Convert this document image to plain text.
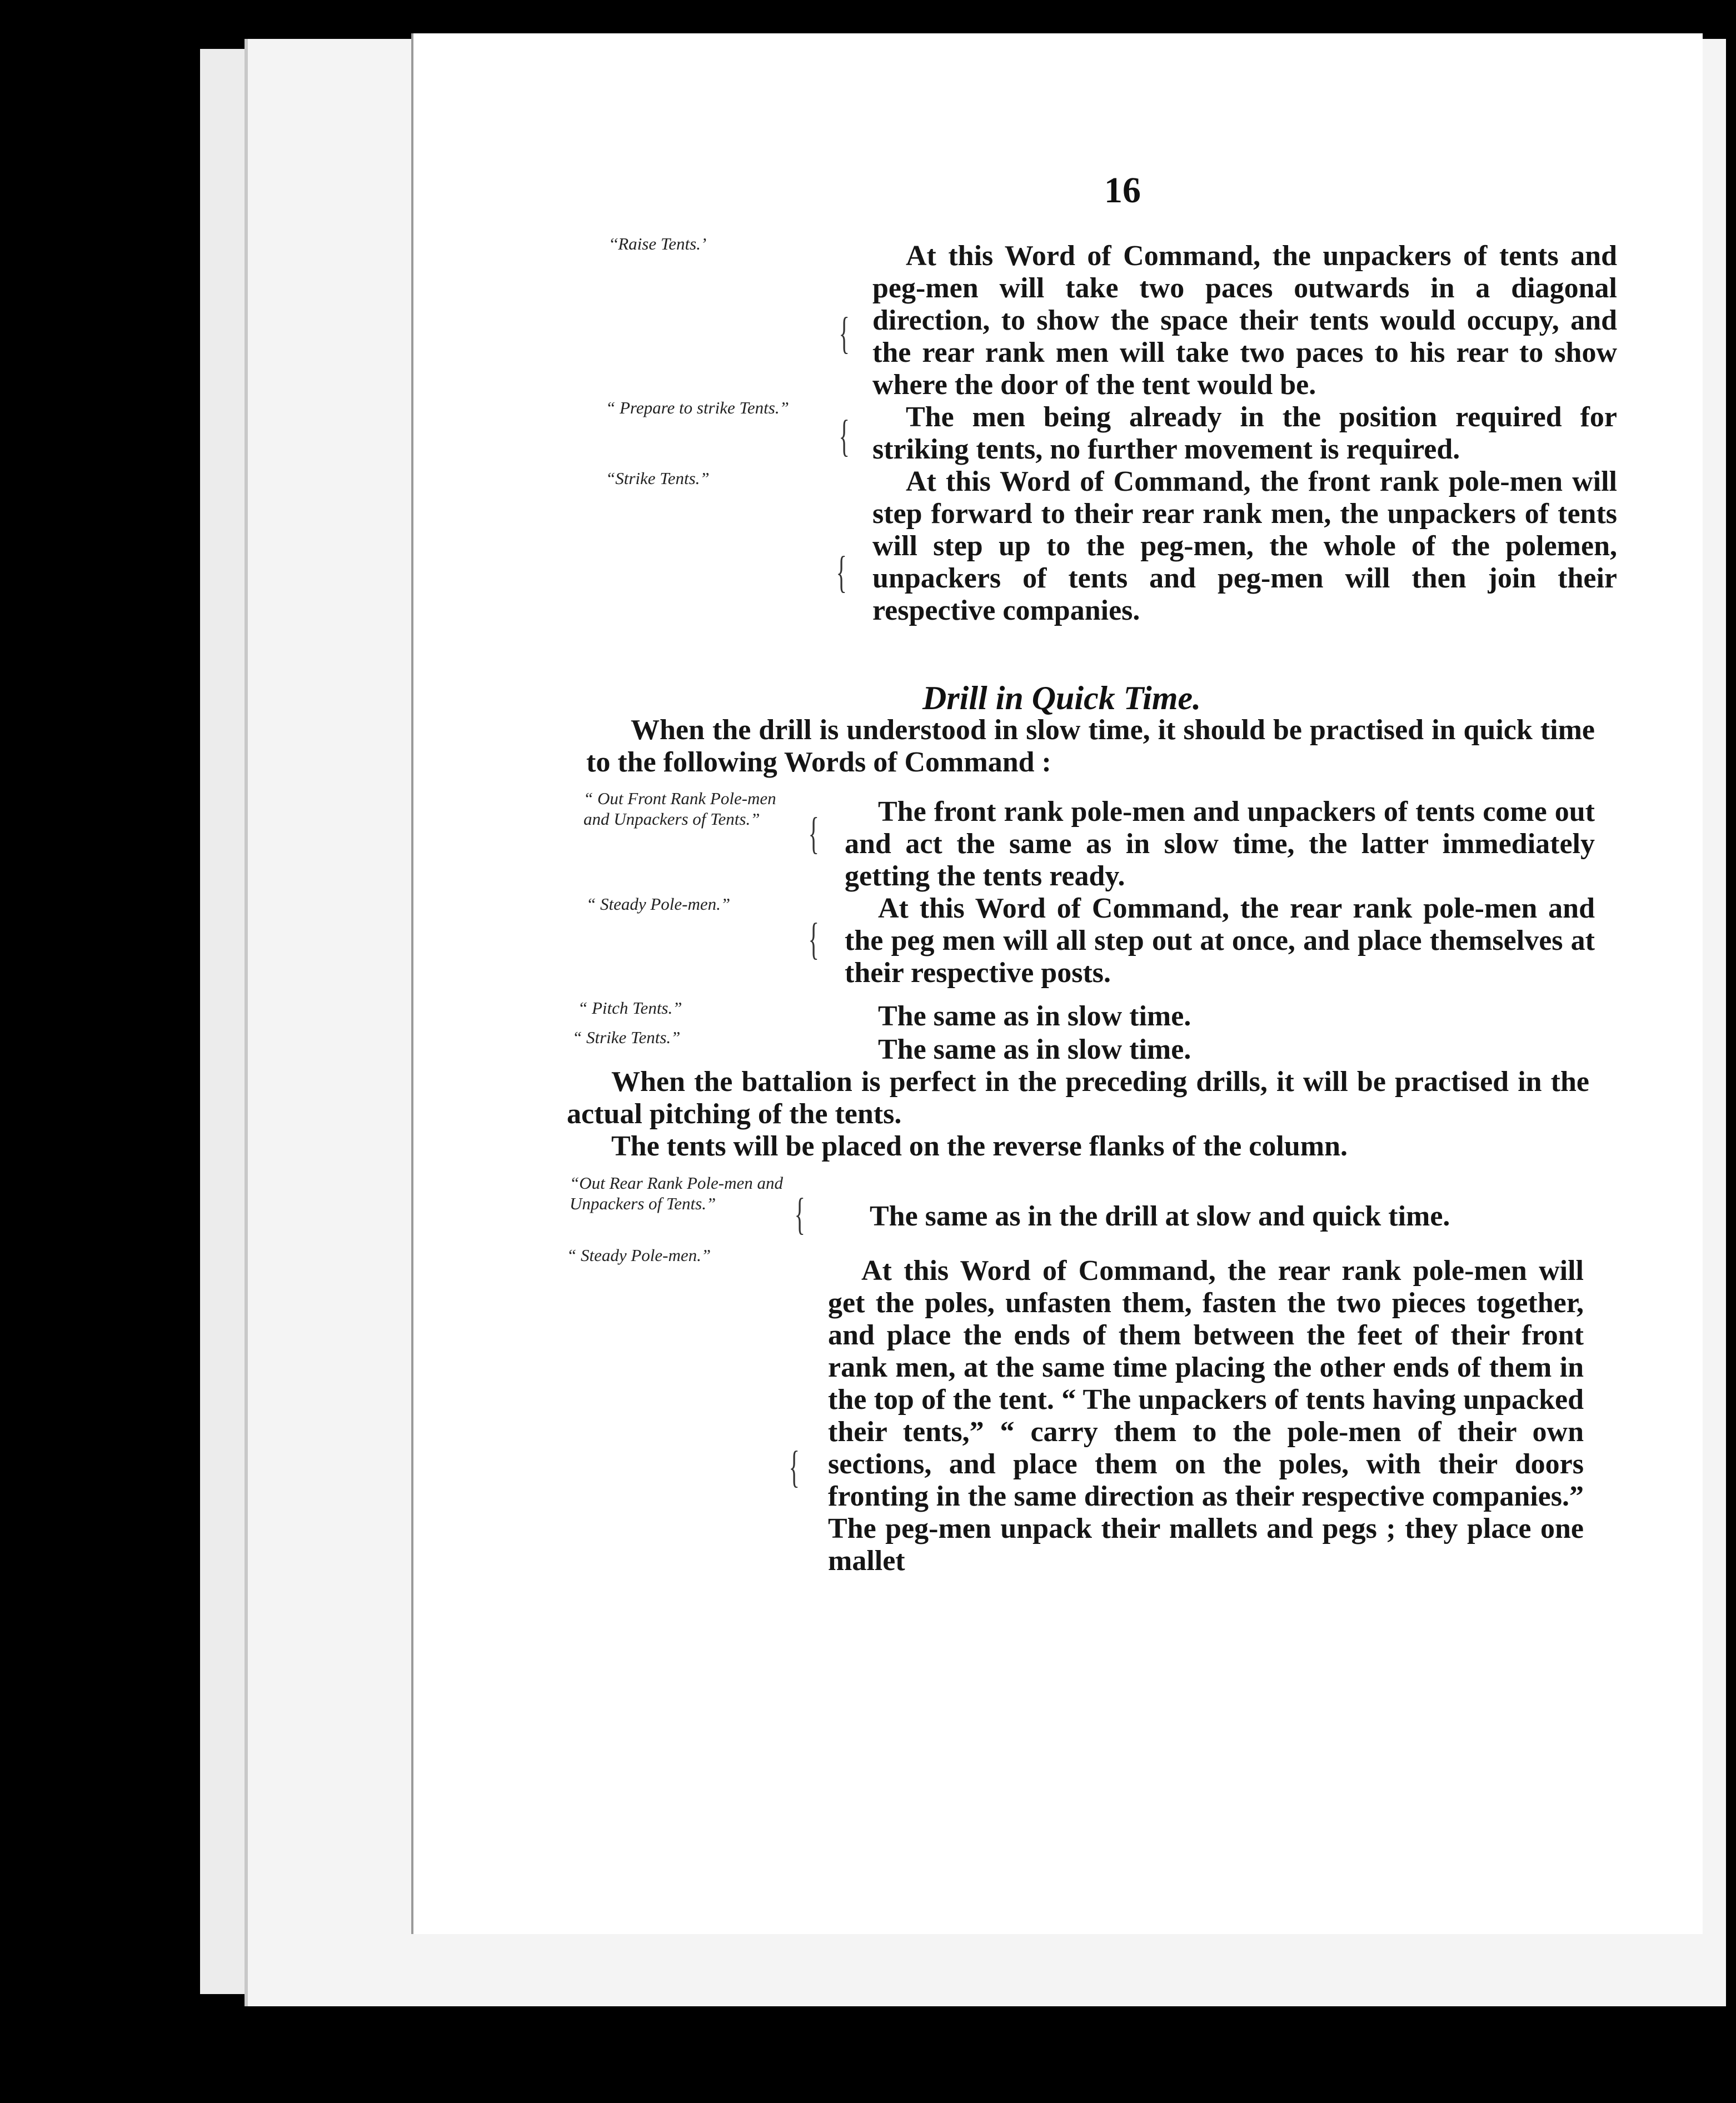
16
‘‘Raise Tents.’
“ Prepare to strike Tents.”
“Strike Tents.”
{
{
{

At this Word of Command, the unpackers of tents and peg-men will take two paces outwards in a diagonal direction, to show the space their tents would occupy, and the rear rank men will take two paces to his rear to show where the door of the tent would be.

The men being already in the position required for striking tents, no further movement is required.

At this Word of Command, the front rank pole-men will step forward to their rear rank men, the unpackers of tents will step up to the peg-men, the whole of the polemen, unpackers of tents and peg-men will then join their respective companies.

Drill in Quick Time.

When the drill is understood in slow time, it should be practised in quick time to the following Words of Command :

“ Out Front Rank Pole-men and Unpackers of Tents.”
“ Steady Pole-men.”
“ Pitch Tents.”
“ Strike Tents.”
{
{

The front rank pole-men and unpackers of tents come out and act the same as in slow time, the latter immediately getting the tents ready.

At this Word of Command, the rear rank pole-men and the peg men will all step out at once, and place themselves at their respective posts.

The same as in slow time.
The same as in slow time.

When the battalion is perfect in the preceding drills, it will be practised in the actual pitching of the tents.

The tents will be placed on the reverse flanks of the column.

“Out Rear Rank Pole-men and Unpackers of Tents.”
“ Steady Pole-men.”
{
{
The same as in the drill at slow and quick time.

At this Word of Command, the rear rank pole-men will get the poles, unfasten them, fasten the two pieces together, and place the ends of them between the feet of their front rank men, at the same time placing the other ends of them in the top of the tent. “ The unpackers of tents having unpacked their tents,” “ carry them to the pole-men of their own sections, and place them on the poles, with their doors fronting in the same direction as their respective companies.” The peg-men unpack their mallets and pegs ; they place one mallet
